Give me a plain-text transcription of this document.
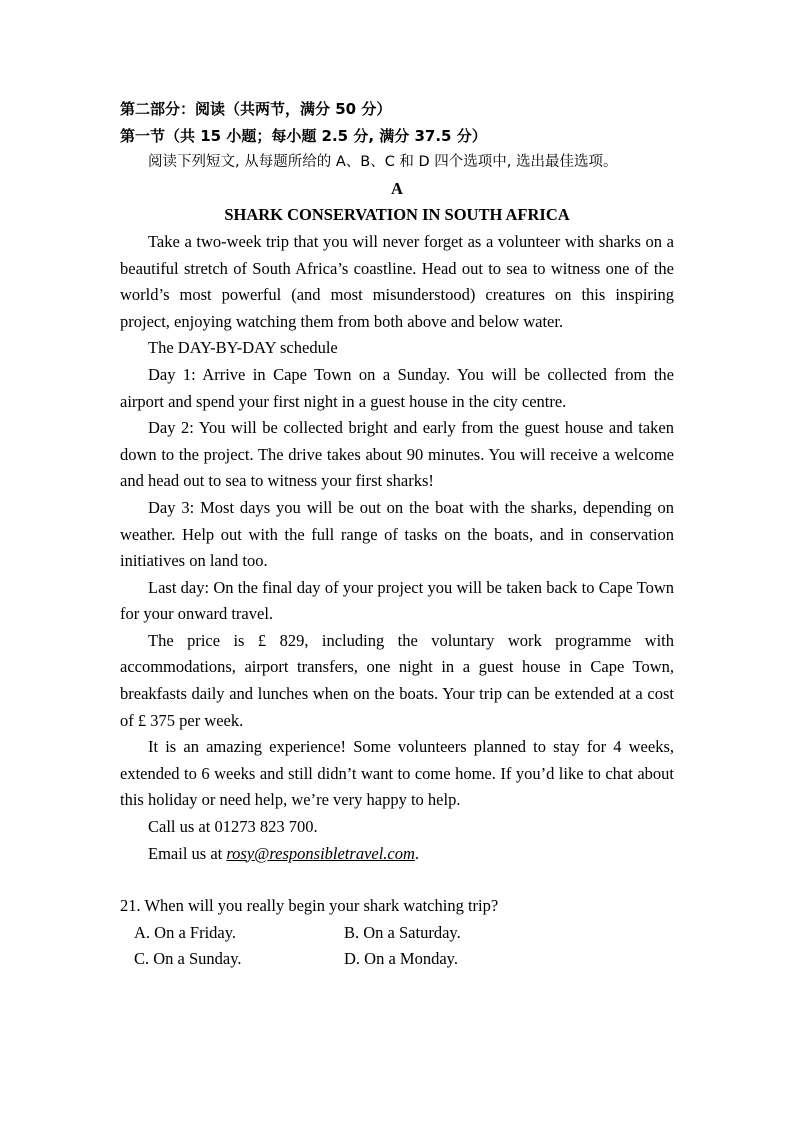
第二部分：阅读（共两节，满分 50 分）

第一节（共 15 小题；每小题 2.5 分, 满分 37.5 分）

阅读下列短文, 从每题所给的 A、B、C 和 D 四个选项中, 选出最佳选项。

A

SHARK CONSERVATION IN SOUTH AFRICA

Take a two-week trip that you will never forget as a volunteer with sharks on a beautiful stretch of South Africa’s coastline. Head out to sea to witness one of the world’s most powerful (and most misunderstood) creatures on this inspiring project, enjoying watching them from both above and below water.

The DAY-BY-DAY schedule

Day 1: Arrive in Cape Town on a Sunday. You will be collected from the airport and spend your first night in a guest house in the city centre.

Day 2: You will be collected bright and early from the guest house and taken down to the project. The drive takes about 90 minutes. You will receive a welcome and head out to sea to witness your first sharks!

Day 3: Most days you will be out on the boat with the sharks, depending on weather. Help out with the full range of tasks on the boats, and in conservation initiatives on land too.

Last day: On the final day of your project you will be taken back to Cape Town for your onward travel.

The price is £ 829, including the voluntary work programme with accommodations, airport transfers, one night in a guest house in Cape Town, breakfasts daily and lunches when on the boats. Your trip can be extended at a cost of £ 375 per week.

It is an amazing experience! Some volunteers planned to stay for 4 weeks, extended to 6 weeks and still didn’t want to come home. If you’d like to chat about this holiday or need help, we’re very happy to help.

Call us at 01273 823 700.

Email us at rosy@responsibletravel.com.

21. When will you really begin your shark watching trip?

A. On a Friday.	B. On a Saturday.
C. On a Sunday.	D. On a Monday.
